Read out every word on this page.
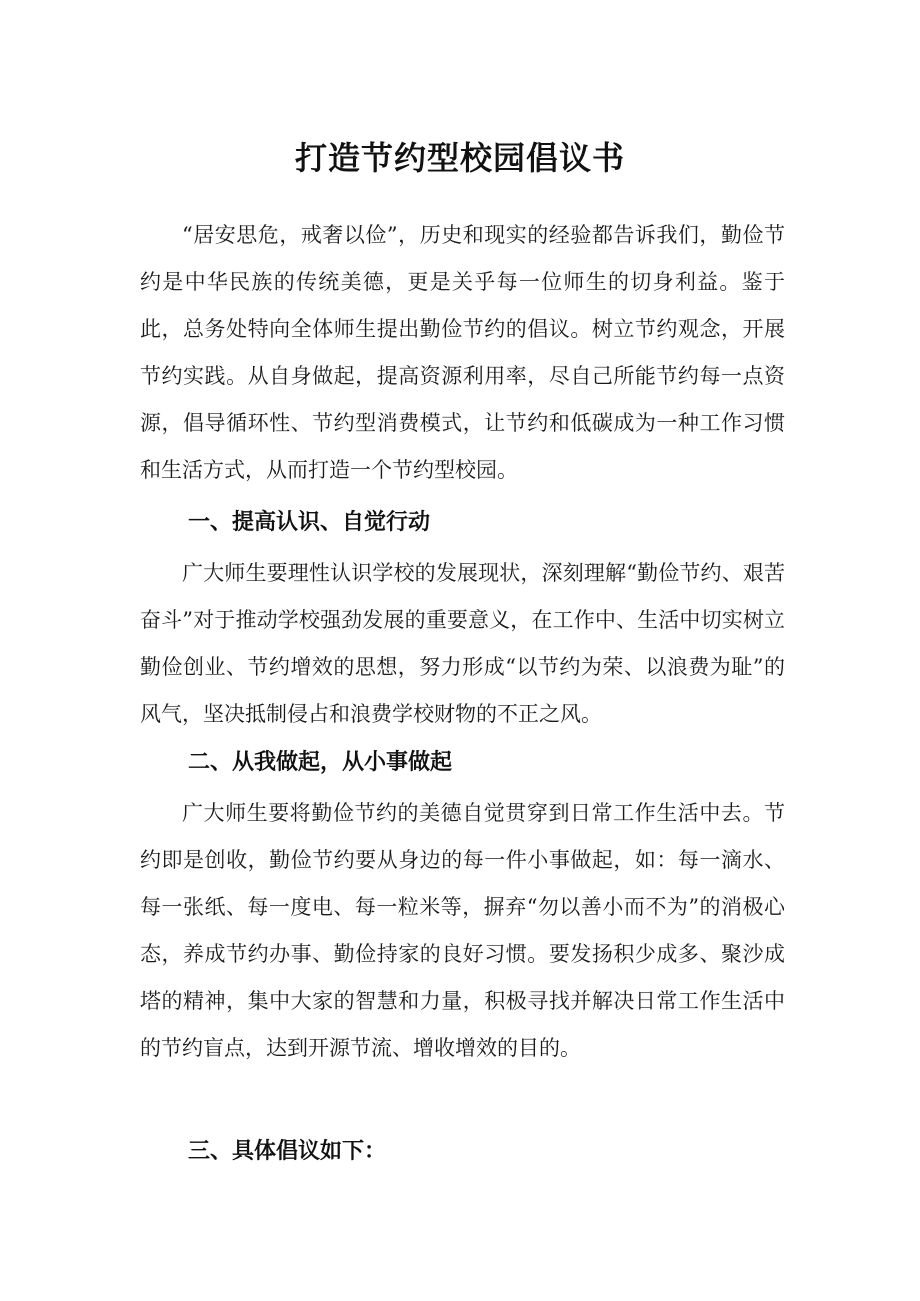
打造节约型校园倡议书

“居安思危，戒奢以俭”，历史和现实的经验都告诉我们，勤俭节约是中华民族的传统美德，更是关乎每一位师生的切身利益。鉴于此，总务处特向全体师生提出勤俭节约的倡议。树立节约观念，开展节约实践。从自身做起，提高资源利用率，尽自己所能节约每一点资源，倡导循环性、节约型消费模式，让节约和低碳成为一种工作习惯和生活方式，从而打造一个节约型校园。

一、提高认识、自觉行动

广大师生要理性认识学校的发展现状，深刻理解“勤俭节约、艰苦奋斗”对于推动学校强劲发展的重要意义，在工作中、生活中切实树立勤俭创业、节约增效的思想，努力形成“以节约为荣、以浪费为耻”的风气，坚决抵制侵占和浪费学校财物的不正之风。

二、从我做起，从小事做起

广大师生要将勤俭节约的美德自觉贯穿到日常工作生活中去。节约即是创收，勤俭节约要从身边的每一件小事做起，如：每一滴水、每一张纸、每一度电、每一粒米等，摒弃“勿以善小而不为”的消极心态，养成节约办事、勤俭持家的良好习惯。要发扬积少成多、聚沙成塔的精神，集中大家的智慧和力量，积极寻找并解决日常工作生活中的节约盲点，达到开源节流、增收增效的目的。

三、具体倡议如下：
